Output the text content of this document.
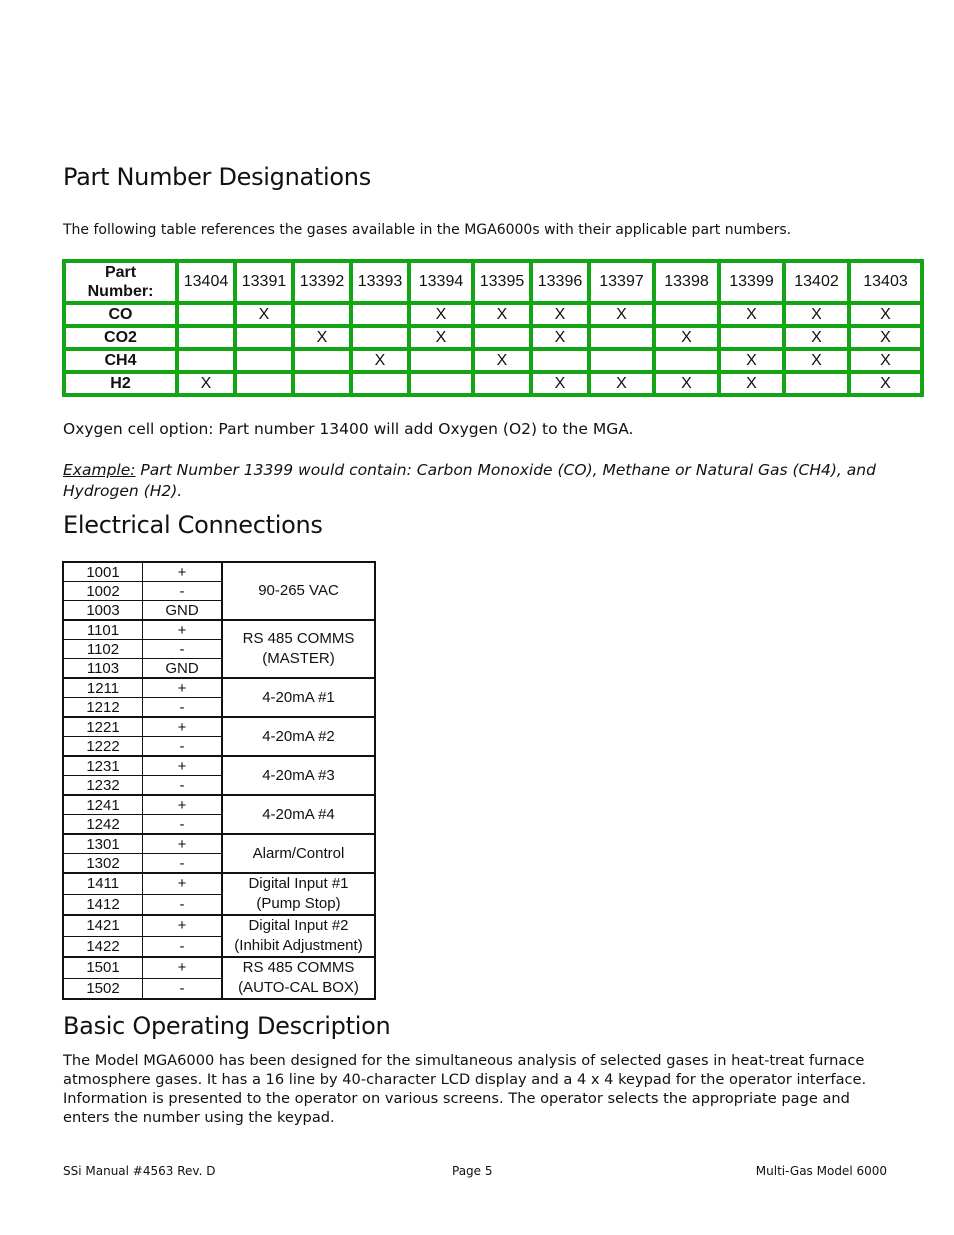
Part Number Designations

The following table references the gases available in the MGA6000s with their applicable part numbers.

Part
Number:	13404	13391	13392	13393	13394	13395	13396	13397	13398	13399	13402	13403
CO		X			X	X	X	X		X	X	X
CO2			X		X		X		X		X	X
CH4				X		X				X	X	X
H2	X						X	X	X	X		X

Oxygen cell option: Part number 13400 will add Oxygen (O2) to the MGA.

Example: Part Number 13399 would contain: Carbon Monoxide (CO), Methane or Natural Gas (CH4), and Hydrogen (H2).

Electrical Connections
1001	+	90-265 VAC

1002	-	
1003	GND	
1101	+	RS 485 COMMS
(MASTER)

1102	-	
1103	GND	
1211	+	4-20mA #1

1212	-	
1221	+	4-20mA #2

1222	-	
1231	+	4-20mA #3

1232	-	
1241	+	4-20mA #4

1242	-	
1301	+	Alarm/Control

1302	-	
1411	+	Digital Input #1
(Pump Stop)

1412	-	
1421	+	Digital Input #2
(Inhibit Adjustment)

1422	-	
1501	+	RS 485 COMMS
(AUTO-CAL BOX)

1502	-	
Basic Operating Description

The Model MGA6000 has been designed for the simultaneous analysis of selected gases in heat-treat furnace atmosphere gases. It has a 16 line by 40-character LCD display and a 4 x 4 keypad for the operator interface. Information is presented to the operator on various screens. The operator selects the appropriate page and enters the number using the keypad.

SSi Manual #4563 Rev. D	Page 5	Multi-Gas Model 6000
